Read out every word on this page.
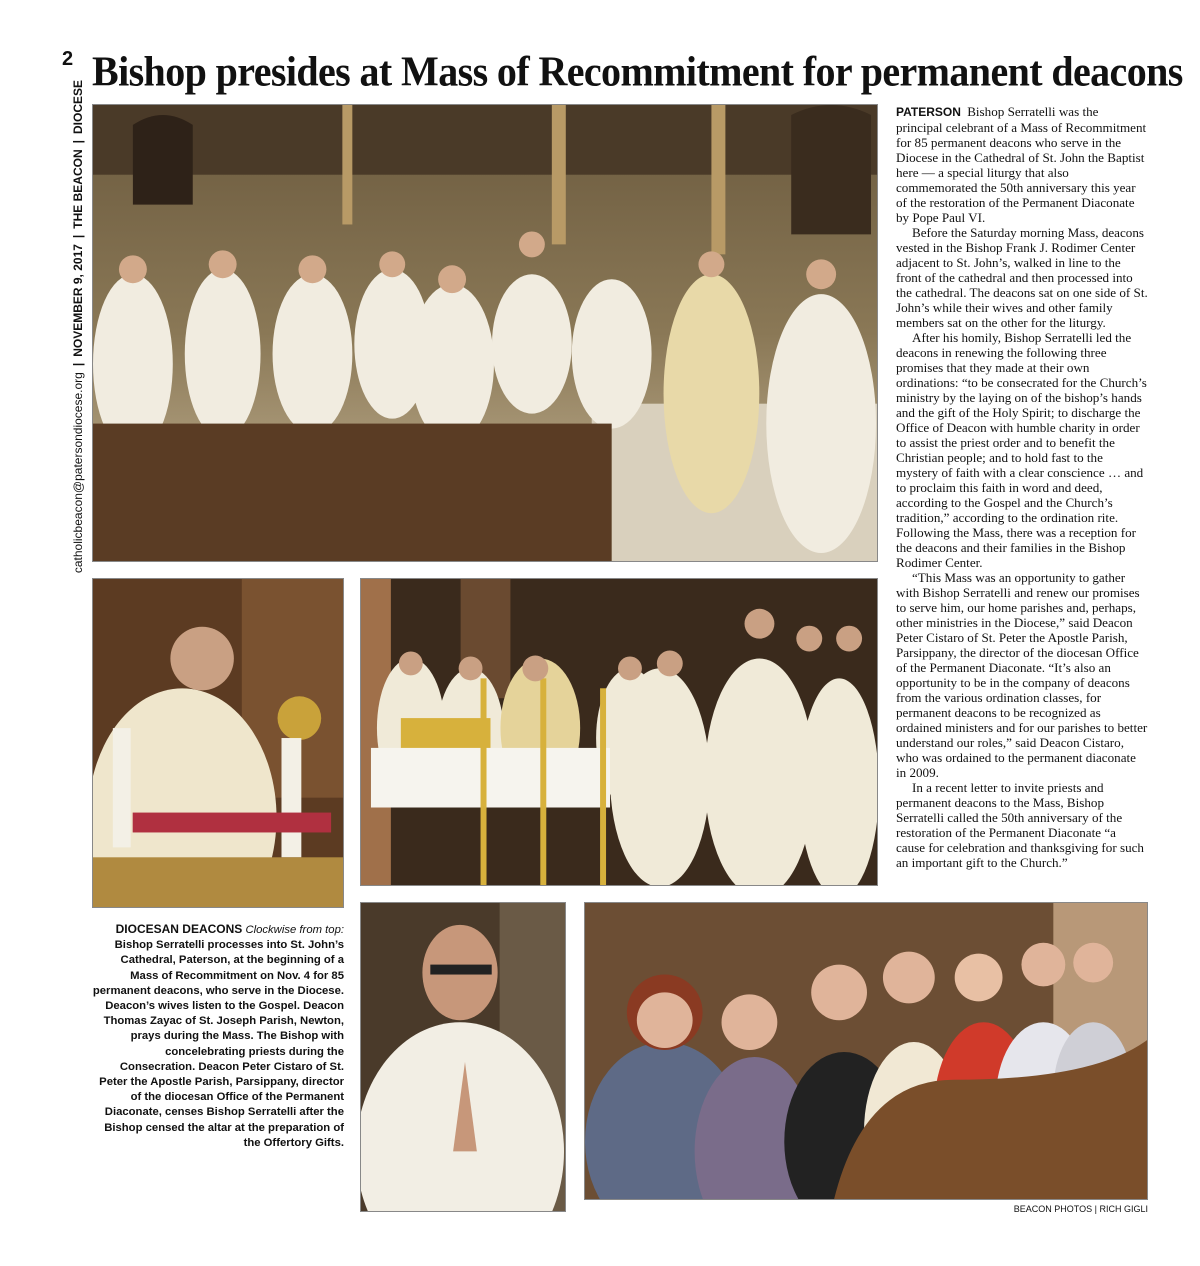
2
catholicbeacon@patersondiocese.org
|
NOVEMBER 9, 2017
|
THE BEACON
|
DIOCESE
Bishop presides at Mass of Recommitment for permanent deacons

PATERSON Bishop Serratelli was the principal celebrant of a Mass of Recommitment for 85 permanent deacons who serve in the Diocese in the Cathedral of St. John the Baptist here — a special liturgy that also commemorated the 50th anniversary this year of the restoration of the Permanent Diaconate by Pope Paul VI.

Before the Saturday morning Mass, deacons vested in the Bishop Frank J. Rodimer Center adjacent to St. John’s, walked in line to the front of the cathedral and then processed into the cathedral. The deacons sat on one side of St. John’s while their wives and other family members sat on the other for the liturgy.

After his homily, Bishop Serratelli led the deacons in renewing the following three promises that they made at their own ordinations: “to be consecrated for the Church’s ministry by the laying on of the bishop’s hands and the gift of the Holy Spirit; to discharge the Office of Deacon with humble charity in order to assist the priest order and to benefit the Christian people; and to hold fast to the mystery of faith with a clear conscience … and to proclaim this faith in word and deed, according to the Gospel and the Church’s tradition,” according to the ordination rite. Following the Mass, there was a reception for the deacons and their families in the Bishop Rodimer Center.

“This Mass was an opportunity to gather with Bishop Serratelli and renew our promises to serve him, our home parishes and, perhaps, other ministries in the Diocese,” said Deacon Peter Cistaro of St. Peter the Apostle Parish, Parsippany, the director of the diocesan Office of the Permanent Diaconate. “It’s also an opportunity to be in the company of deacons from the various ordination classes, for permanent deacons to be recognized as ordained ministers and for our parishes to better understand our roles,” said Deacon Cistaro, who was ordained to the permanent diaconate in 2009.

In a recent letter to invite priests and permanent deacons to the Mass, Bishop Serratelli called the 50th anniversary of the restoration of the Permanent Diaconate “a cause for celebration and thanksgiving for such an important gift to the Church.”

DIOCESAN DEACONS Clockwise from top: Bishop Serratelli processes into St. John’s Cathedral, Paterson, at the beginning of a Mass of Recommitment on Nov. 4 for 85 permanent deacons, who serve in the Diocese. Deacon’s wives listen to the Gospel. Deacon Thomas Zayac of St. Joseph Parish, Newton, prays during the Mass. The Bishop with concelebrating priests during the Consecration. Deacon Peter Cistaro of St. Peter the Apostle Parish, Parsippany, director of the diocesan Office of the Permanent Diaconate, censes Bishop Serratelli after the Bishop censed the altar at the preparation of the Offertory Gifts.
BEACON PHOTOS | RICH GIGLI
